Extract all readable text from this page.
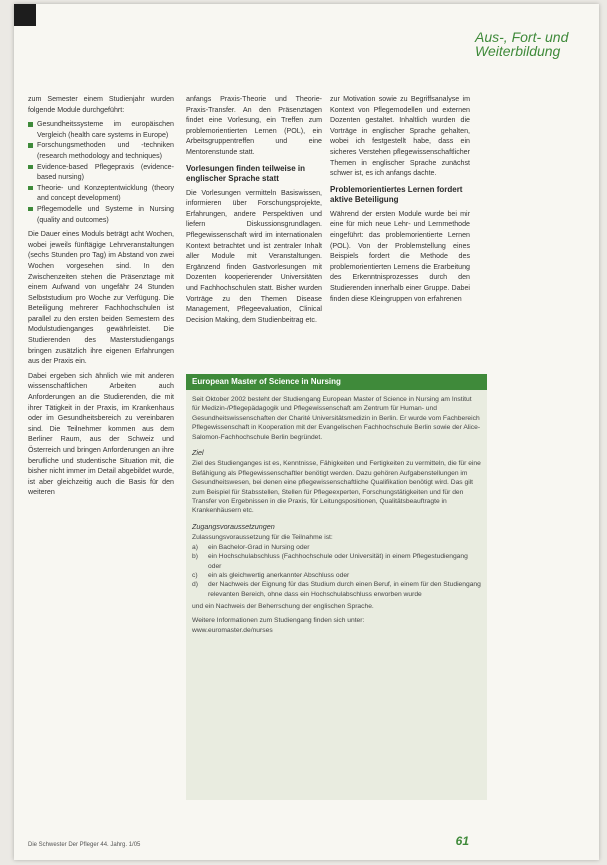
Aus-, Fort- und Weiterbildung

zum Semester einem Studienjahr wurden folgende Module durchgeführt:

Gesundheitssysteme im europäischen Vergleich (health care systems in Europe)
Forschungsmethoden und -techniken (research methodology and techniques)
Evidence-based Pflegepraxis (evidence-based nursing)
Theorie- und Konzeptentwicklung (theory and concept development)
Pflegemodelle und Systeme in Nursing (quality and outcomes)

Die Dauer eines Moduls beträgt acht Wochen, wobei jeweils fünftägige Lehrveranstaltungen (sechs Stunden pro Tag) im Abstand von zwei Wochen vorgesehen sind. In den Zwischenzeiten stehen die Präsenztage mit einem Aufwand von ungefähr 24 Stunden Selbststudium pro Woche zur Verfügung. Die Beteiligung mehrerer Fachhochschulen ist parallel zu den ersten beiden Semestern des Modulstudienganges gewährleistet. Die Studierenden des Masterstudiengangs bringen zusätzlich ihre eigenen Erfahrungen aus der Praxis ein.

Dabei ergeben sich ähnlich wie mit anderen wissenschaftlichen Arbeiten auch Anforderungen an die Studierenden, die mit ihrer Tätigkeit in der Praxis, im Krankenhaus oder im Gesundheitsbereich zu vereinbaren sind. Die Teilnehmer kommen aus dem Berliner Raum, aus der Schweiz und Österreich und bringen Anforderungen an ihre berufliche und studentische Situation mit, die bisher nicht immer im Detail abgebildet wurde, ist aber gleichzeitig auch die Basis für den weiteren

anfangs Praxis-Theorie und Theorie-Praxis-Transfer. An den Präsenztagen findet eine Vorlesung, ein Treffen zum problemorientierten Lernen (POL), ein Arbeitsgruppentreffen und eine Mentorenstunde statt.

Vorlesungen finden teilweise in englischer Sprache statt

Die Vorlesungen vermitteln Basiswissen, informieren über Forschungsprojekte, Erfahrungen, andere Perspektiven und liefern Diskussionsgrundlagen. Pflegewissenschaft wird im internationalen Kontext betrachtet und ist zentraler Inhalt aller Module mit Veranstaltungen. Ergänzend finden Gastvorlesungen mit Dozenten kooperierender Universitäten und Fachhochschulen statt. Bisher wurden Vorträge zu den Themen Disease Management, Pflegeevaluation, Clinical Decision Making, dem Studienbeitrag etc.

zur Motivation sowie zu Begriffsanalyse im Kontext von Pflegemodellen und externen Dozenten gestaltet. Inhaltlich wurden die Vorträge in englischer Sprache gehalten, wobei ich festgestellt habe, dass ein sicheres Verstehen pflegewissenschaftlicher Themen in englischer Sprache zunächst schwer ist, es ich anfangs dachte.

Problemorientiertes Lernen fordert aktive Beteiligung

Während der ersten Module wurde bei mir eine für mich neue Lehr- und Lernmethode eingeführt: das problemorientierte Lernen (POL). Von der Problemstellung eines Beispiels fordert die Methode des problemorientierten Lernens die Erarbeitung des Erkenntnisprozesses durch den Studierenden innerhalb einer Gruppe. Dabei finden diese Kleingruppen von erfahrenen

European Master of Science in Nursing

Seit Oktober 2002 besteht der Studiengang European Master of Science in Nursing am Institut für Medizin-/Pflegepädagogik und Pflegewissenschaft am Zentrum für Human- und Gesundheitswissenschaften der Charité Universitätsmedizin in Berlin. Er wurde vom Fachbereich Pflegewissenschaft in Kooperation mit der Evangelischen Fachhochschule Berlin sowie der Alice-Salomon-Fachhochschule Berlin begründet.

Ziel

Ziel des Studienganges ist es, Kenntnisse, Fähigkeiten und Fertigkeiten zu vermitteln, die für eine Befähigung als Pflegewissenschaftler benötigt werden. Dazu gehören Aufgabenstellungen im Gesundheitswesen, bei denen eine pflegewissenschaftliche Qualifikation benötigt wird. Das gilt zum Beispiel für Stabsstellen, Stellen für Pflegeexperten, Forschungstätigkeiten und für den Transfer von Ergebnissen in die Praxis, für Leitungspositionen, Qualitätsbeauftragte in Krankenhäusern etc.

Zugangsvoraussetzungen
Zulassungsvoraussetzung für die Teilnahme ist:
a)	ein Bachelor-Grad in Nursing oder
b)	ein Hochschulabschluss (Fachhochschule oder Universität) in einem Pflegestudiengang oder
c)	ein als gleichwertig anerkannter Abschluss oder
d)	der Nachweis der Eignung für das Studium durch einen Beruf, in einem für den Studiengang relevanten Bereich, ohne dass ein Hochschulabschluss erworben wurde

und ein Nachweis der Beherrschung der englischen Sprache.

Weitere Informationen zum Studiengang finden sich unter:
www.euromaster.de/nurses
Die Schwester Der Pfleger 44. Jahrg. 1/05	61
